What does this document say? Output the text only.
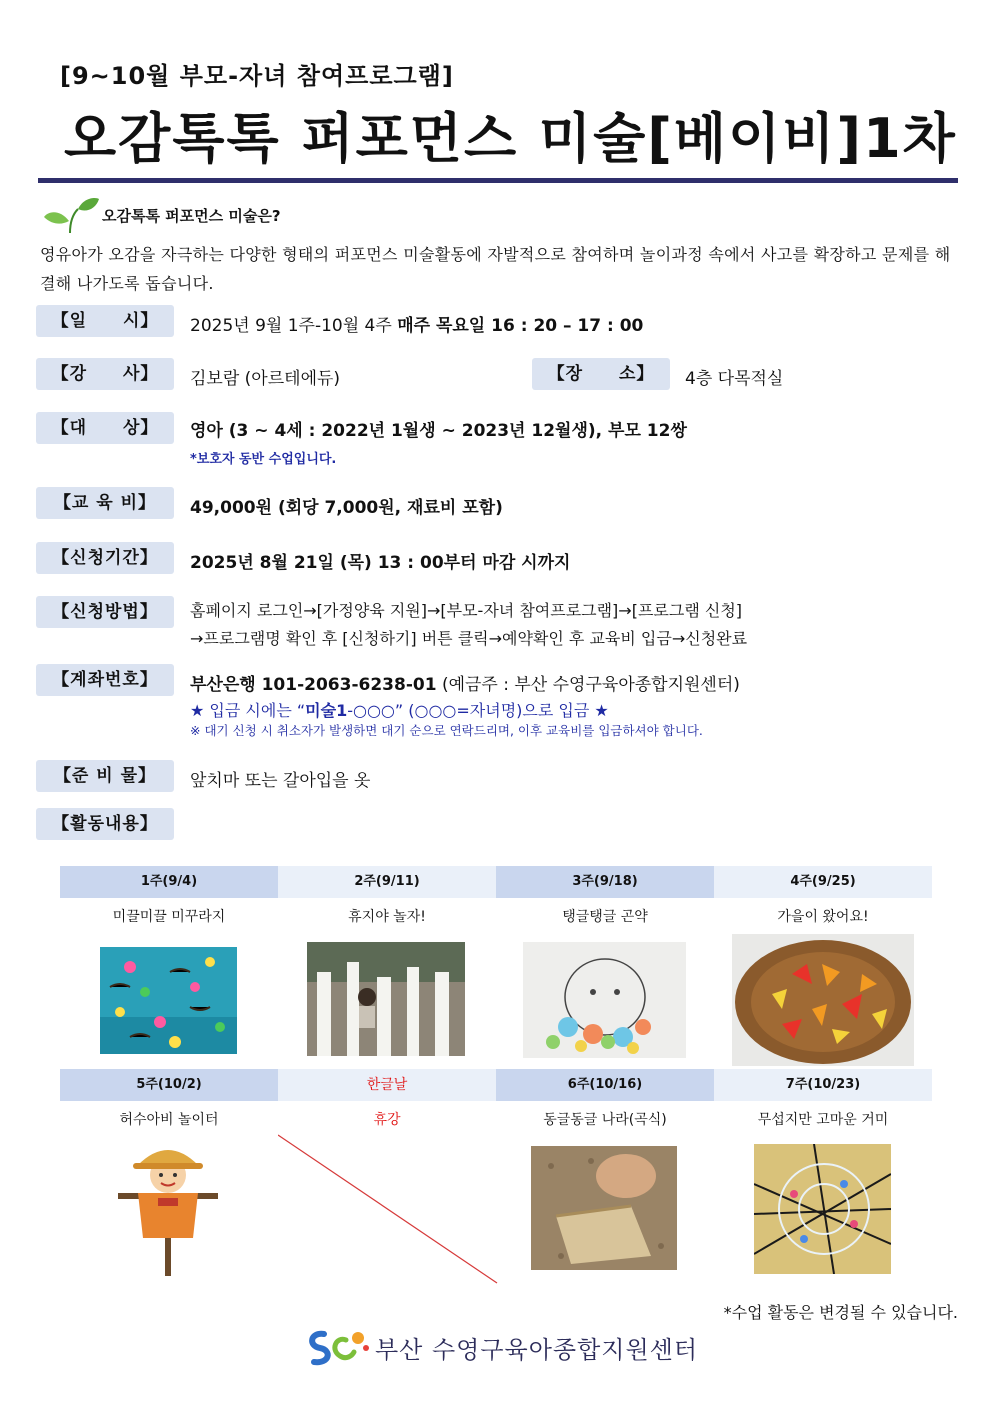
[9~10월 부모-자녀 참여프로그램]
오감톡톡 퍼포먼스 미술[베이비]1차
오감톡톡 퍼포먼스 미술은?
영유아가 오감을 자극하는 다양한 형태의 퍼포먼스 미술활동에 자발적으로 참여하며 놀이과정 속에서 사고를 확장하고 문제를 해결해 나가도록 돕습니다.
【일　　시】	2025년 9월 1주-10월 4주 매주 목요일 16 : 20 – 17 : 00
【강　　사】	김보람 (아르테에듀)	【장　　소】	4층 다목적실
【대　　상】	영아 (3 ~ 4세 : 2022년 1월생 ~ 2023년 12월생), 부모 12쌍
*보호자 동반 수업입니다.
【교 육 비】	49,000원 (회당 7,000원, 재료비 포함)
【신청기간】	2025년 8월 21일 (목) 13 : 00부터 마감 시까지
【신청방법】	홈페이지 로그인→[가정양육 지원]→[부모-자녀 참여프로그램]→[프로그램 신청]
→프로그램명 확인 후 [신청하기] 버튼 클릭→예약확인 후 교육비 입금→신청완료
【계좌번호】	부산은행 101-2063-6238-01 (예금주 : 부산 수영구육아종합지원센터)
★ 입금 시에는 “미술1-○○○” (○○○=자녀명)으로 입금 ★
※ 대기 신청 시 취소자가 발생하면 대기 순으로 연락드리며, 이후 교육비를 입금하셔야 합니다.
【준 비 물】	앞치마 또는 갈아입을 옷
【활동내용】
1주(9/4)	2주(9/11)	3주(9/18)	4주(9/25)
미끌미끌 미꾸라지	휴지야 놀자!	탱글탱글 곤약	가을이 왔어요!
5주(10/2)	한글날	6주(10/16)	7주(10/23)
허수아비 놀이터	휴강	동글동글 나라(곡식)	무섭지만 고마운 거미
*수업 활동은 변경될 수 있습니다.
부산 수영구육아종합지원센터
